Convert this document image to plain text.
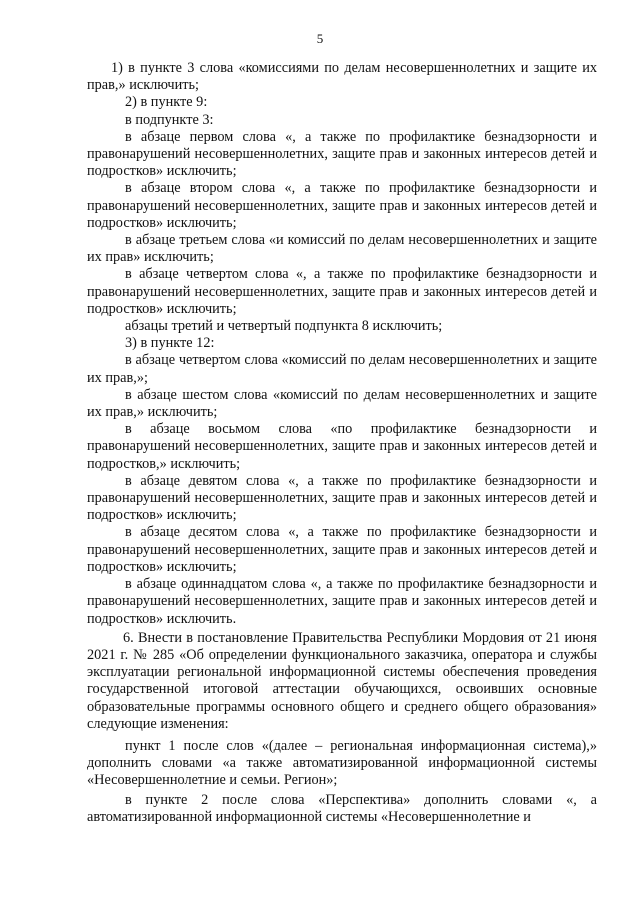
5

1) в пункте 3 слова «комиссиями по делам несовершеннолетних и защите их прав,» исключить;

2) в пункте 9:

в подпункте 3:

в абзаце первом слова «, а также по профилактике безнадзорности и правонарушений несовершеннолетних, защите прав и законных интересов детей и подростков» исключить;

в абзаце втором слова «, а также по профилактике безнадзорности и правонарушений несовершеннолетних, защите прав и законных интересов детей и подростков» исключить;

в абзаце третьем слова «и комиссий по делам несовершеннолетних и защите их прав» исключить;

в абзаце четвертом слова «, а также по профилактике безнадзорности и правонарушений несовершеннолетних, защите прав и законных интересов детей и подростков» исключить;

абзацы третий и четвертый подпункта 8 исключить;

3) в пункте 12:

в абзаце четвертом слова «комиссий по делам несовершеннолетних и защите их прав,»;

в абзаце шестом слова «комиссий по делам несовершеннолетних и защите их прав,» исключить;

в абзаце восьмом слова «по профилактике безнадзорности и правонарушений несовершеннолетних, защите прав и законных интересов детей и подростков,» исключить;

в абзаце девятом слова «, а также по профилактике безнадзорности и правонарушений несовершеннолетних, защите прав и законных интересов детей и подростков» исключить;

в абзаце десятом слова «, а также по профилактике безнадзорности и правонарушений несовершеннолетних, защите прав и законных интересов детей и подростков» исключить;

в абзаце одиннадцатом слова «, а также по профилактике безнадзорности и правонарушений несовершеннолетних, защите прав и законных интересов детей и подростков» исключить.

6. Внести в постановление Правительства Республики Мордовия от 21 июня 2021 г. № 285 «Об определении функционального заказчика, оператора и службы эксплуатации региональной информационной системы обеспечения проведения государственной итоговой аттестации обучающихся, освоивших основные образовательные программы основного общего и среднего общего образования» следующие изменения:

пункт 1 после слов «(далее – региональная информационная система),» дополнить словами «а также автоматизированной информационной системы «Несовершеннолетние и семьи. Регион»;

в пункте 2 после слова «Перспектива» дополнить словами «, а автоматизированной информационной системы «Несовершеннолетние и
